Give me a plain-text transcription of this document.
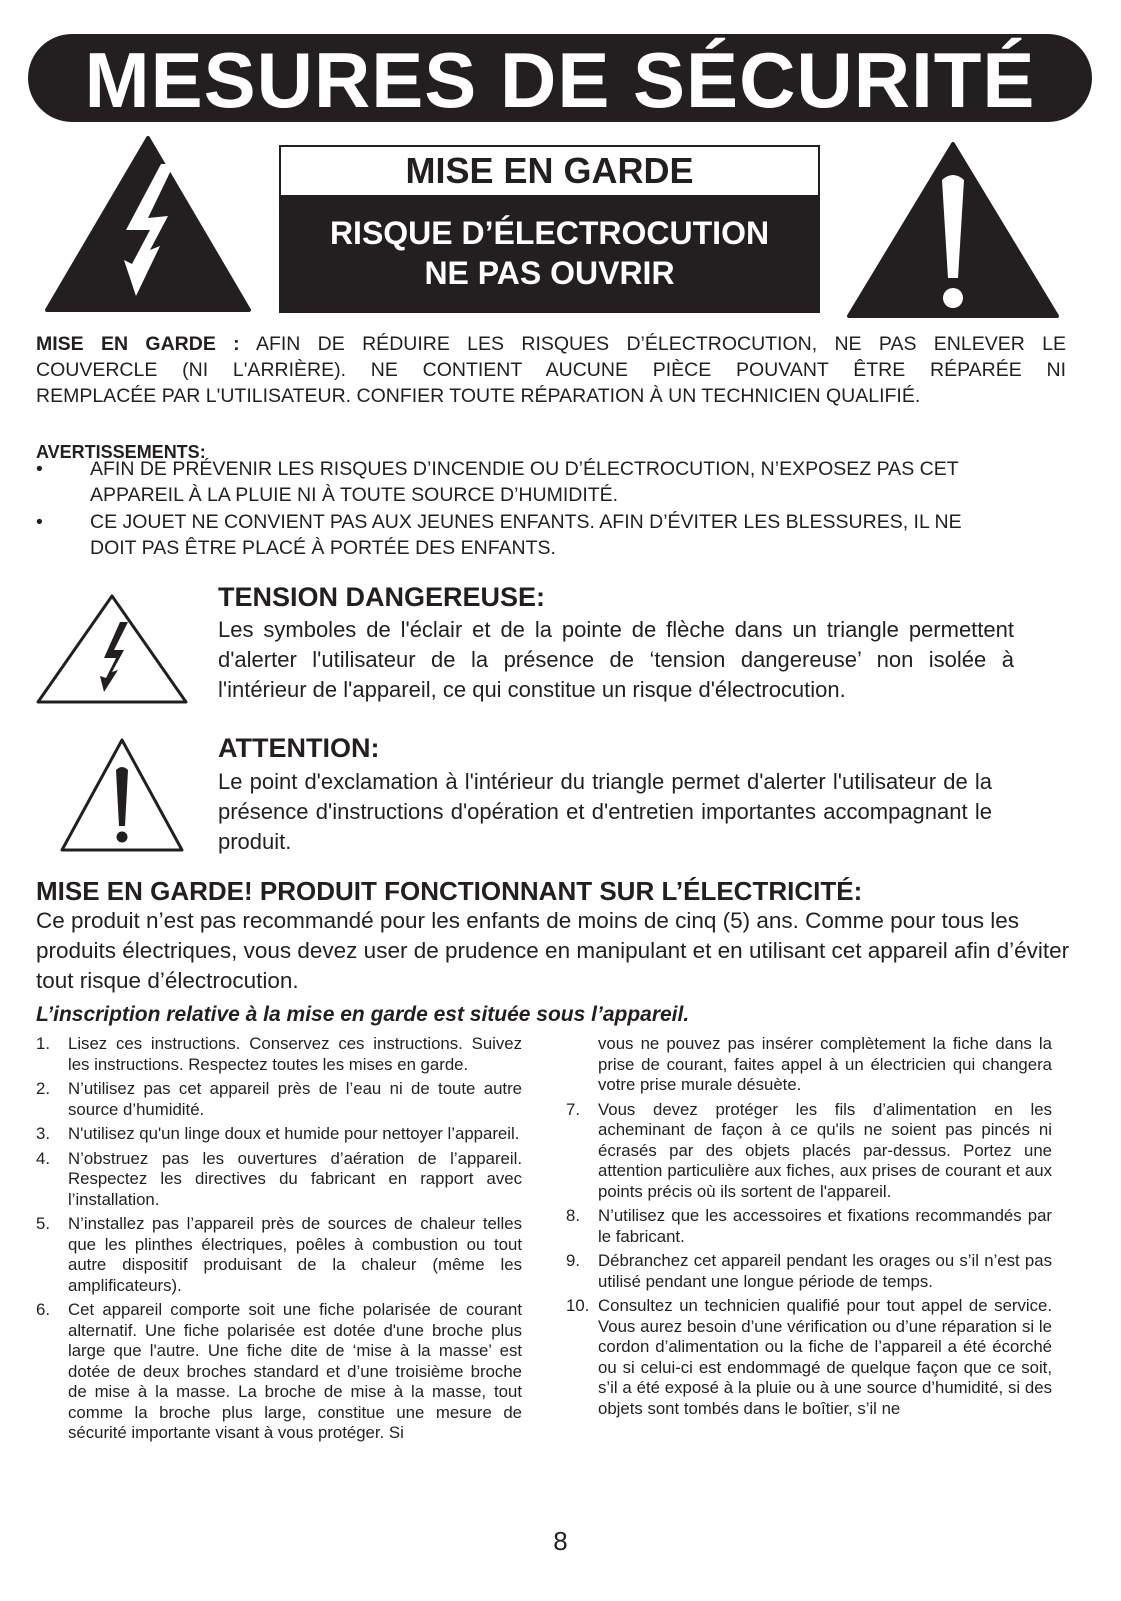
MESURES DE SÉCURITÉ
MISE EN GARDE
RISQUE D’ÉLECTROCUTION
NE PAS OUVRIR
MISE EN GARDE : AFIN DE RÉDUIRE LES RISQUES D’ÉLECTROCUTION, NE PAS ENLEVER LE
COUVERCLE (NI L'ARRIÈRE). NE CONTIENT AUCUNE PIÈCE POUVANT ÊTRE RÉPARÉE NI
REMPLACÉE PAR L'UTILISATEUR. CONFIER TOUTE RÉPARATION À UN TECHNICIEN QUALIFIÉ.
AVERTISSEMENTS:
• AFIN DE PRÉVENIR LES RISQUES D’INCENDIE OU D’ÉLECTROCUTION, N’EXPOSEZ PAS CET
APPAREIL À LA PLUIE NI À TOUTE SOURCE D’HUMIDITÉ.
• CE JOUET NE CONVIENT PAS AUX JEUNES ENFANTS. AFIN D’ÉVITER LES BLESSURES, IL NE
DOIT PAS ÊTRE PLACÉ À PORTÉE DES ENFANTS.
TENSION DANGEREUSE:
Les symboles de l'éclair et de la pointe de flèche dans un triangle permettent d'alerter l'utilisateur de la présence de ‘tension dangereuse’ non isolée à l'intérieur de l'appareil, ce qui constitue un risque d'électrocution.
ATTENTION:
Le point d'exclamation à l'intérieur du triangle permet d'alerter l'utilisateur de la présence d'instructions d'opération et d'entretien importantes accompagnant le produit.
MISE EN GARDE! PRODUIT FONCTIONNANT SUR L’ÉLECTRICITÉ:
Ce produit n’est pas recommandé pour les enfants de moins de cinq (5) ans. Comme pour tous les produits électriques, vous devez user de prudence en manipulant et en utilisant cet appareil afin d’éviter tout risque d’électrocution.
L’inscription relative à la mise en garde est située sous l’appareil.
1.	Lisez ces instructions. Conservez ces instructions. Suivez les instructions. Respectez toutes les mises en garde.
2.	N’utilisez pas cet appareil près de l’eau ni de toute autre source d’humidité.
3.	N'utilisez qu'un linge doux et humide pour nettoyer l’appareil.
4.	N’obstruez pas les ouvertures d’aération de l’appareil. Respectez les directives du fabricant en rapport avec l’installation.
5.	N’installez pas l’appareil près de sources de chaleur telles que les plinthes électriques, poêles à combustion ou tout autre dispositif produisant de la chaleur (même les amplificateurs).
6.	Cet appareil comporte soit une fiche polarisée de courant alternatif. Une fiche polarisée est dotée d'une broche plus large que l'autre. Une fiche dite de ‘mise à la masse’ est dotée de deux broches standard et d’une troisième broche de mise à la masse. La broche de mise à la masse, tout comme la broche plus large, constitue une mesure de sécurité importante visant à vous protéger. Si
vous ne pouvez pas insérer complètement la fiche dans la prise de courant, faites appel à un électricien qui changera votre prise murale désuète.
7.	Vous devez protéger les fils d’alimentation en les acheminant de façon à ce qu'ils ne soient pas pincés ni écrasés par des objets placés par-dessus. Portez une attention particulière aux fiches, aux prises de courant et aux points précis où ils sortent de l'appareil.
8.	N’utilisez que les accessoires et fixations recommandés par le fabricant.
9.	Débranchez cet appareil pendant les orages ou s’il n’est pas utilisé pendant une longue période de temps.
10. Consultez un technicien qualifié pour tout appel de service. Vous aurez besoin d’une vérification ou d’une réparation si le cordon d’alimentation ou la fiche de l’appareil a été écorché ou si celui-ci est endommagé de quelque façon que ce soit, s’il a été exposé à la pluie ou à une source d’humidité, si des objets sont tombés dans le boîtier, s’il ne
8
